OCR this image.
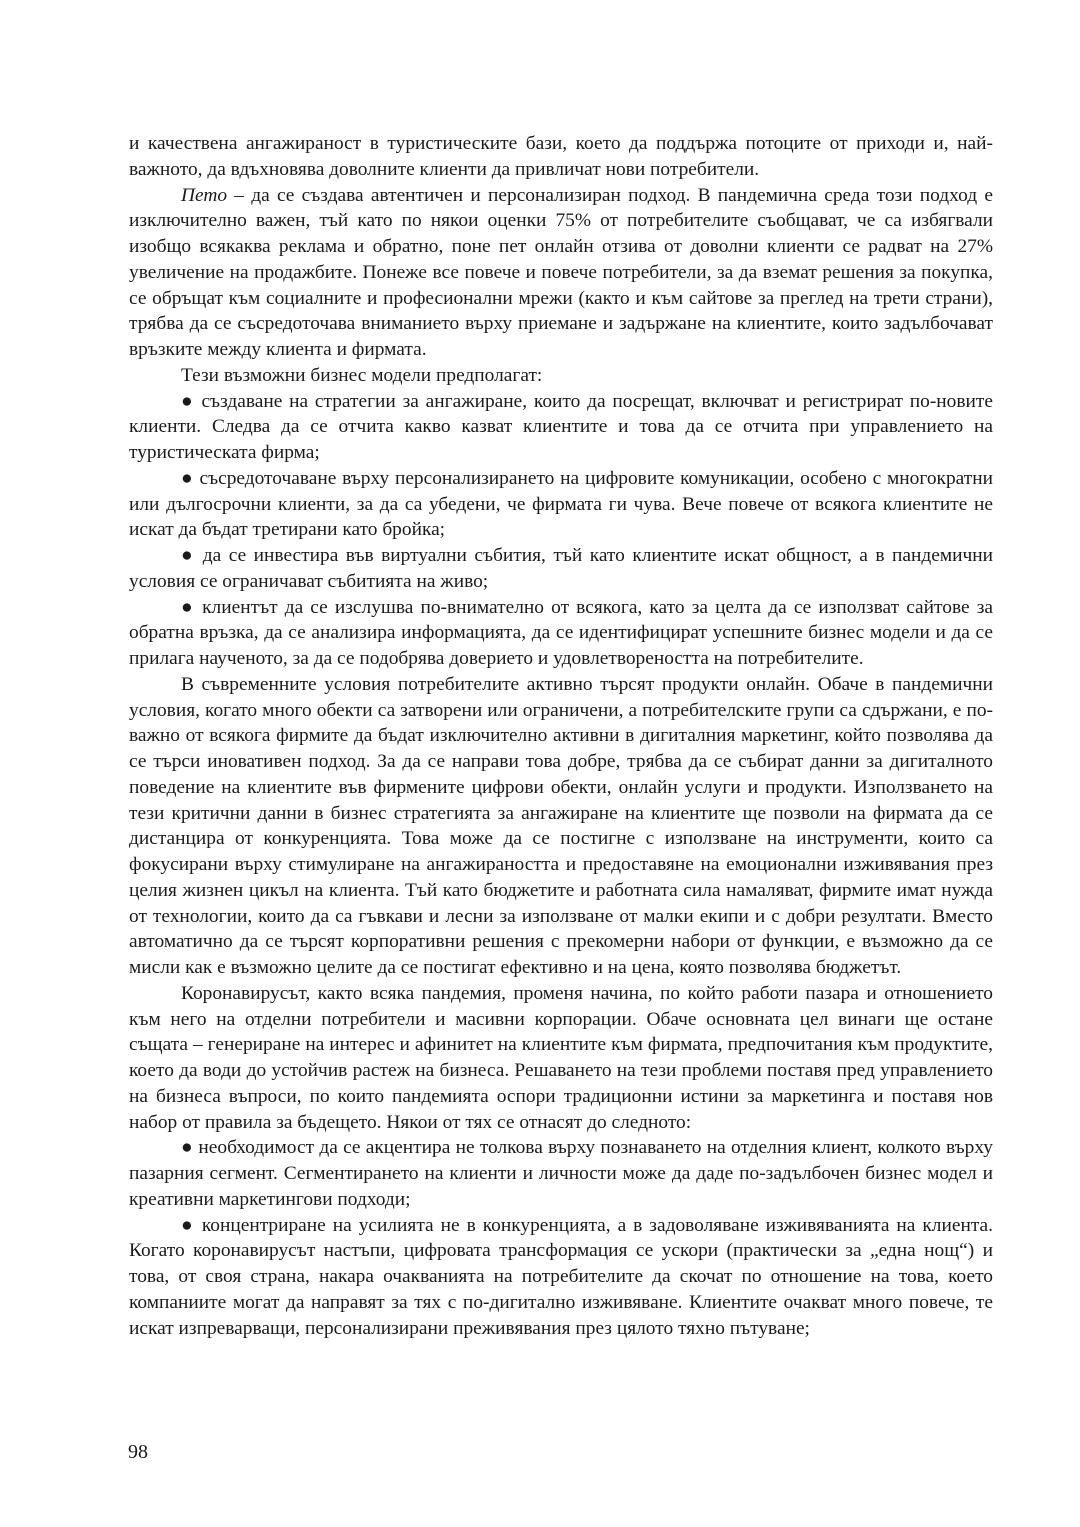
и качествена ангажираност в туристическите бази, което да поддържа потоците от приходи и, най-важното, да вдъхновява доволните клиенти да привличат нови потребители.

Пето – да се създава автентичен и персонализиран подход. В пандемична среда този подход е изключително важен, тъй като по някои оценки 75% от потребителите съобщават, че са избягвали изобщо всякаква реклама и обратно, поне пет онлайн отзива от доволни клиенти се радват на 27% увеличение на продажбите. Понеже все повече и повече потребители, за да вземат решения за покупка, се обръщат към социалните и професионални мрежи (както и към сайтове за преглед на трети страни), трябва да се съсредоточава вниманието върху приемане и задържане на клиентите, които задълбочават връзките между клиента и фирмата.

Тези възможни бизнес модели предполагат:

● създаване на стратегии за ангажиране, които да посрещат, включват и регистрират по-новите клиенти. Следва да се отчита какво казват клиентите и това да се отчита при управлението на туристическата фирма;

● съсредоточаване върху персонализирането на цифровите комуникации, особено с многократни или дългосрочни клиенти, за да са убедени, че фирмата ги чува. Вече повече от всякога клиентите не искат да бъдат третирани като бройка;

● да се инвестира във виртуални събития, тъй като клиентите искат общност, а в пандемични условия се ограничават събитията на живо;

● клиентът да се изслушва по-внимателно от всякога, като за целта да се използват сайтове за обратна връзка, да се анализира информацията, да се идентифицират успешните бизнес модели и да се прилага наученото, за да се подобрява доверието и удовлетвореността на потребителите.

В съвременните условия потребителите активно търсят продукти онлайн. Обаче в пандемични условия, когато много обекти са затворени или ограничени, а потребителските групи са сдържани, е по-важно от всякога фирмите да бъдат изключително активни в дигиталния маркетинг, който позволява да се търси иновативен подход. За да се направи това добре, трябва да се събират данни за дигиталното поведение на клиентите във фирмените цифрови обекти, онлайн услуги и продукти. Използването на тези критични данни в бизнес стратегията за ангажиране на клиентите ще позволи на фирмата да се дистанцира от конкуренцията. Това може да се постигне с използване на инструменти, които са фокусирани върху стимулиране на ангажираността и предоставяне на емоционални изживявания през целия жизнен цикъл на клиента. Тъй като бюджетите и работната сила намаляват, фирмите имат нужда от технологии, които да са гъвкави и лесни за използване от малки екипи и с добри резултати. Вместо автоматично да се търсят корпоративни решения с прекомерни набори от функции, е възможно да се мисли как е възможно целите да се постигат ефективно и на цена, която позволява бюджетът.

Коронавирусът, както всяка пандемия, променя начина, по който работи пазара и отношението към него на отделни потребители и масивни корпорации. Обаче основната цел винаги ще остане същата – генериране на интерес и афинитет на клиентите към фирмата, предпочитания към продуктите, което да води до устойчив растеж на бизнеса. Решаването на тези проблеми поставя пред управлението на бизнеса въпроси, по които пандемията оспори традиционни истини за маркетинга и поставя нов набор от правила за бъдещето. Някои от тях се отнасят до следното:

● необходимост да се акцентира не толкова върху познаването на отделния клиент, колкото върху пазарния сегмент. Сегментирането на клиенти и личности може да даде по-задълбочен бизнес модел и креативни маркетингови подходи;

● концентриране на усилията не в конкуренцията, а в задоволяване изживяванията на клиента. Когато коронавирусът настъпи, цифровата трансформация се ускори (практически за „една нощ“) и това, от своя страна, накара очакванията на потребителите да скочат по отношение на това, което компаниите могат да направят за тях с по-дигитално изживяване. Клиентите очакват много повече, те искат изпреварващи, персонализирани преживявания през цялото тяхно пътуване;

98
